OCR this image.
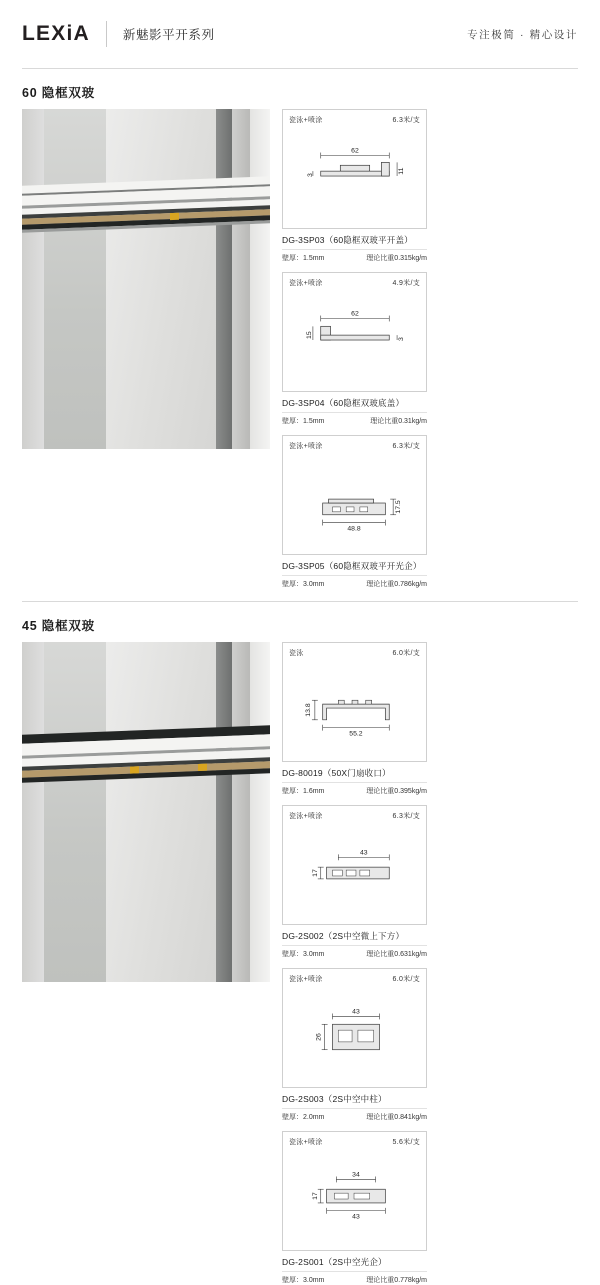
LEXiA	新魅影平开系列	专注极简 · 精心设计
60 隐框双玻
瓷泳+喷涂	6.3米/支
62
3
11
DG-3SP03（60隐框双玻平开盖）
壁厚：1.5mm	理论比重0.315kg/m
瓷泳+喷涂	4.9米/支
62
15
3
DG-3SP04（60隐框双玻底盖）
壁厚：1.5mm	理论比重0.31kg/m
瓷泳+喷涂	6.3米/支
17.5
48.8
DG-3SP05（60隐框双玻平开光企）
壁厚：3.0mm	理论比重0.786kg/m
45 隐框双玻
瓷泳	6.0米/支
13.8
55.2
DG-80019（50X门扇收口）
壁厚：1.6mm	理论比重0.395kg/m
瓷泳+喷涂	6.3米/支
43
17
DG-2S002（2S中空微上下方）
壁厚：3.0mm	理论比重0.631kg/m
瓷泳+喷涂	6.0米/支
43
26
DG-2S003（2S中空中柱）
壁厚：2.0mm	理论比重0.841kg/m
瓷泳+喷涂	5.6米/支
34
17
43
DG-2S001（2S中空光企）
壁厚：3.0mm	理论比重0.778kg/m
